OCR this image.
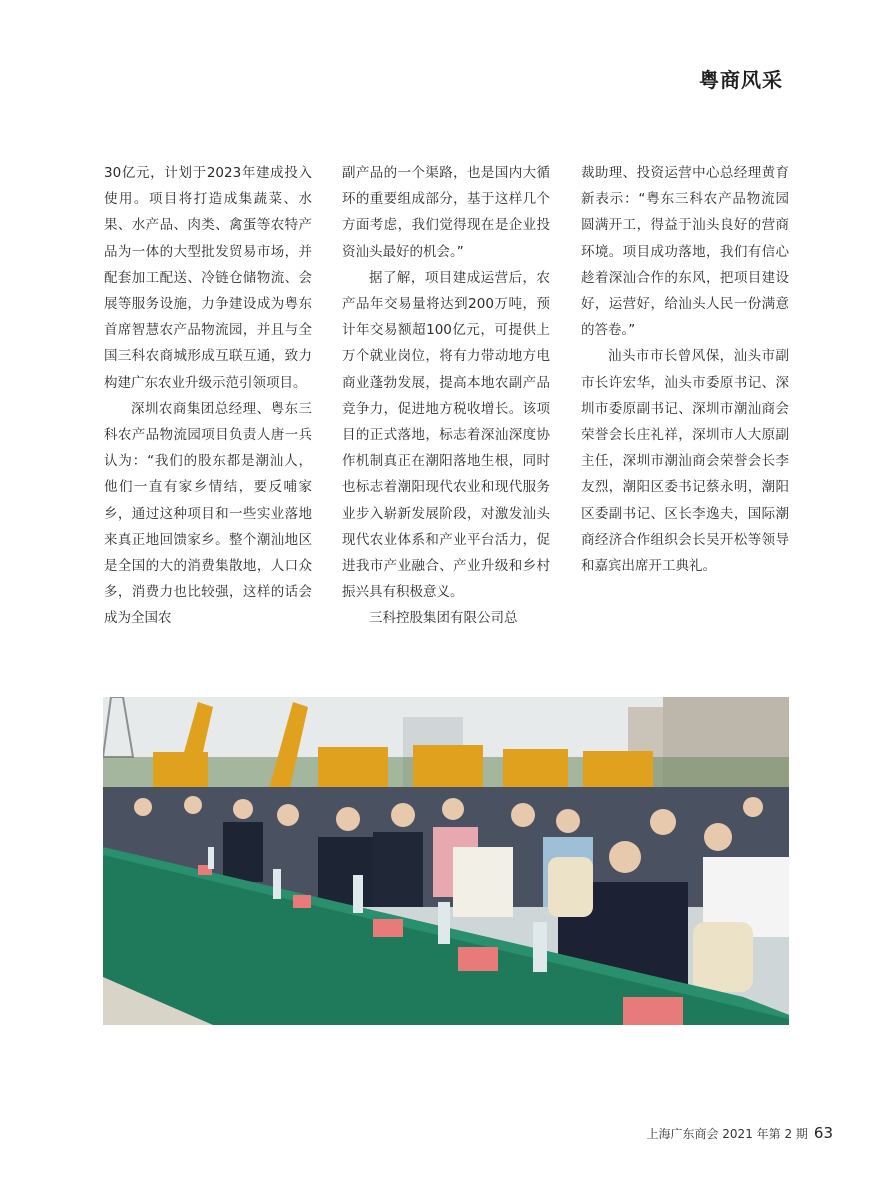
粤商风采

30亿元，计划于2023年建成投入使用。项目将打造成集蔬菜、水果、水产品、肉类、禽蛋等农特产品为一体的大型批发贸易市场，并配套加工配送、冷链仓储物流、会展等服务设施，力争建设成为粤东首席智慧农产品物流园，并且与全国三科农商城形成互联互通，致力构建广东农业升级示范引领项目。

深圳农商集团总经理、粤东三科农产品物流园项目负责人唐一兵认为：“我们的股东都是潮汕人，他们一直有家乡情结，要反哺家乡，通过这种项目和一些实业落地来真正地回馈家乡。整个潮汕地区是全国的大的消费集散地，人口众多，消费力也比较强，这样的话会成为全国农

副产品的一个渠路，也是国内大循环的重要组成部分，基于这样几个方面考虑，我们觉得现在是企业投资汕头最好的机会。”

据了解，项目建成运营后，农产品年交易量将达到200万吨，预计年交易额超100亿元，可提供上万个就业岗位，将有力带动地方电商业蓬勃发展，提高本地农副产品竞争力，促进地方税收增长。该项目的正式落地，标志着深汕深度协作机制真正在潮阳落地生根，同时也标志着潮阳现代农业和现代服务业步入崭新发展阶段，对激发汕头现代农业体系和产业平台活力，促进我市产业融合、产业升级和乡村振兴具有积极意义。

三科控股集团有限公司总

裁助理、投资运营中心总经理黄育新表示：“粤东三科农产品物流园圆满开工，得益于汕头良好的营商环境。项目成功落地，我们有信心趁着深汕合作的东风，把项目建设好，运营好，给汕头人民一份满意的答卷。”

汕头市市长曾风保，汕头市副市长许宏华，汕头市委原书记、深圳市委原副书记、深圳市潮汕商会荣誉会长庄礼祥，深圳市人大原副主任，深圳市潮汕商会荣誉会长李友烈，潮阳区委书记蔡永明，潮阳区委副书记、区长李逸夫，国际潮商经济合作组织会长吴开松等领导和嘉宾出席开工典礼。

上海广东商会 2021 年第 2 期 63
